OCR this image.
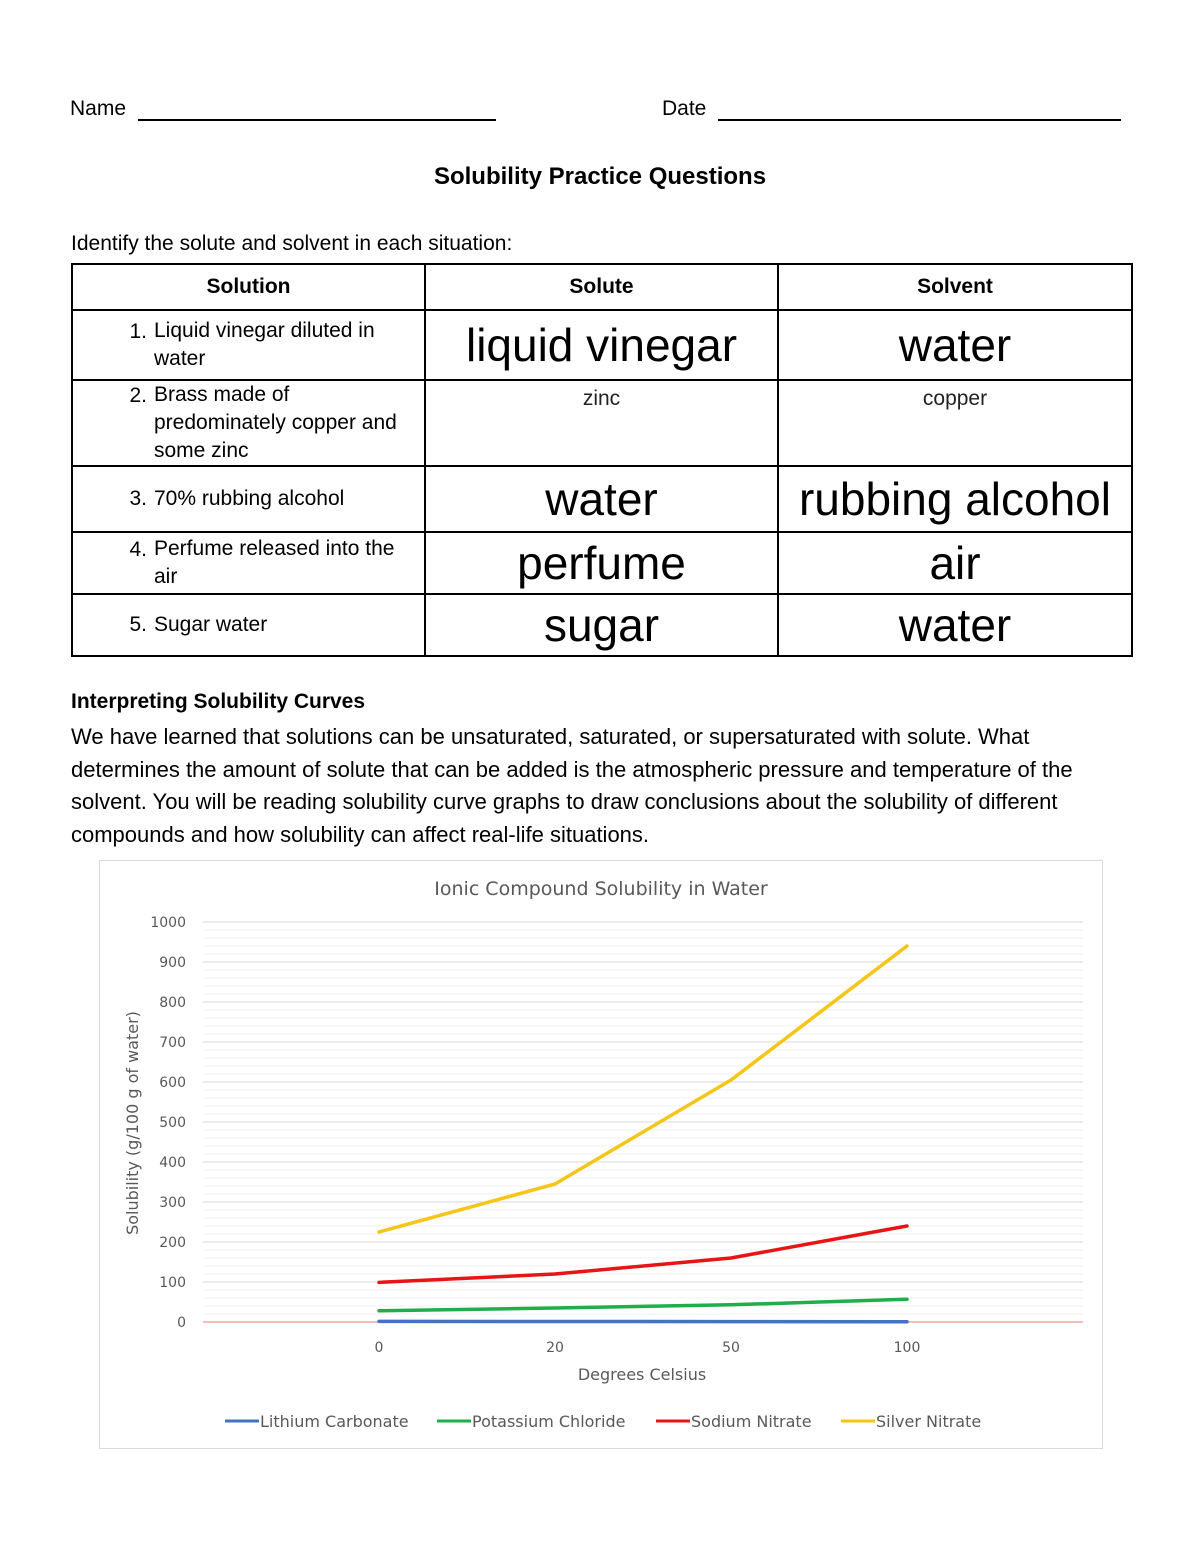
Name	Date
Solubility Practice Questions
Identify the solute and solvent in each situation:
Solution	Solute	Solvent

1. Liquid vinegar diluted in water	liquid vinegar	water

2. Brass made of predominately copper and some zinc	zinc	copper

3. 70% rubbing alcohol	water	rubbing alcohol

4. Perfume released into the air	perfume	air

5. Sugar water	sugar	water
Interpreting Solubility Curves
We have learned that solutions can be unsaturated, saturated, or supersaturated with solute. What determines the amount of solute that can be added is the atmospheric pressure and temperature of the solvent. You will be reading solubility curve graphs to draw conclusions about the solubility of different compounds and how solubility can affect real-life situations.
Ionic Compound Solubility in Water
0
100
200
300
400
500
600
700
800
900
1000
0	20	50	100
Degrees Celsius
Solubility (g/100 g of water)
Lithium Carbonate	Potassium Chloride	Sodium Nitrate	Silver Nitrate
